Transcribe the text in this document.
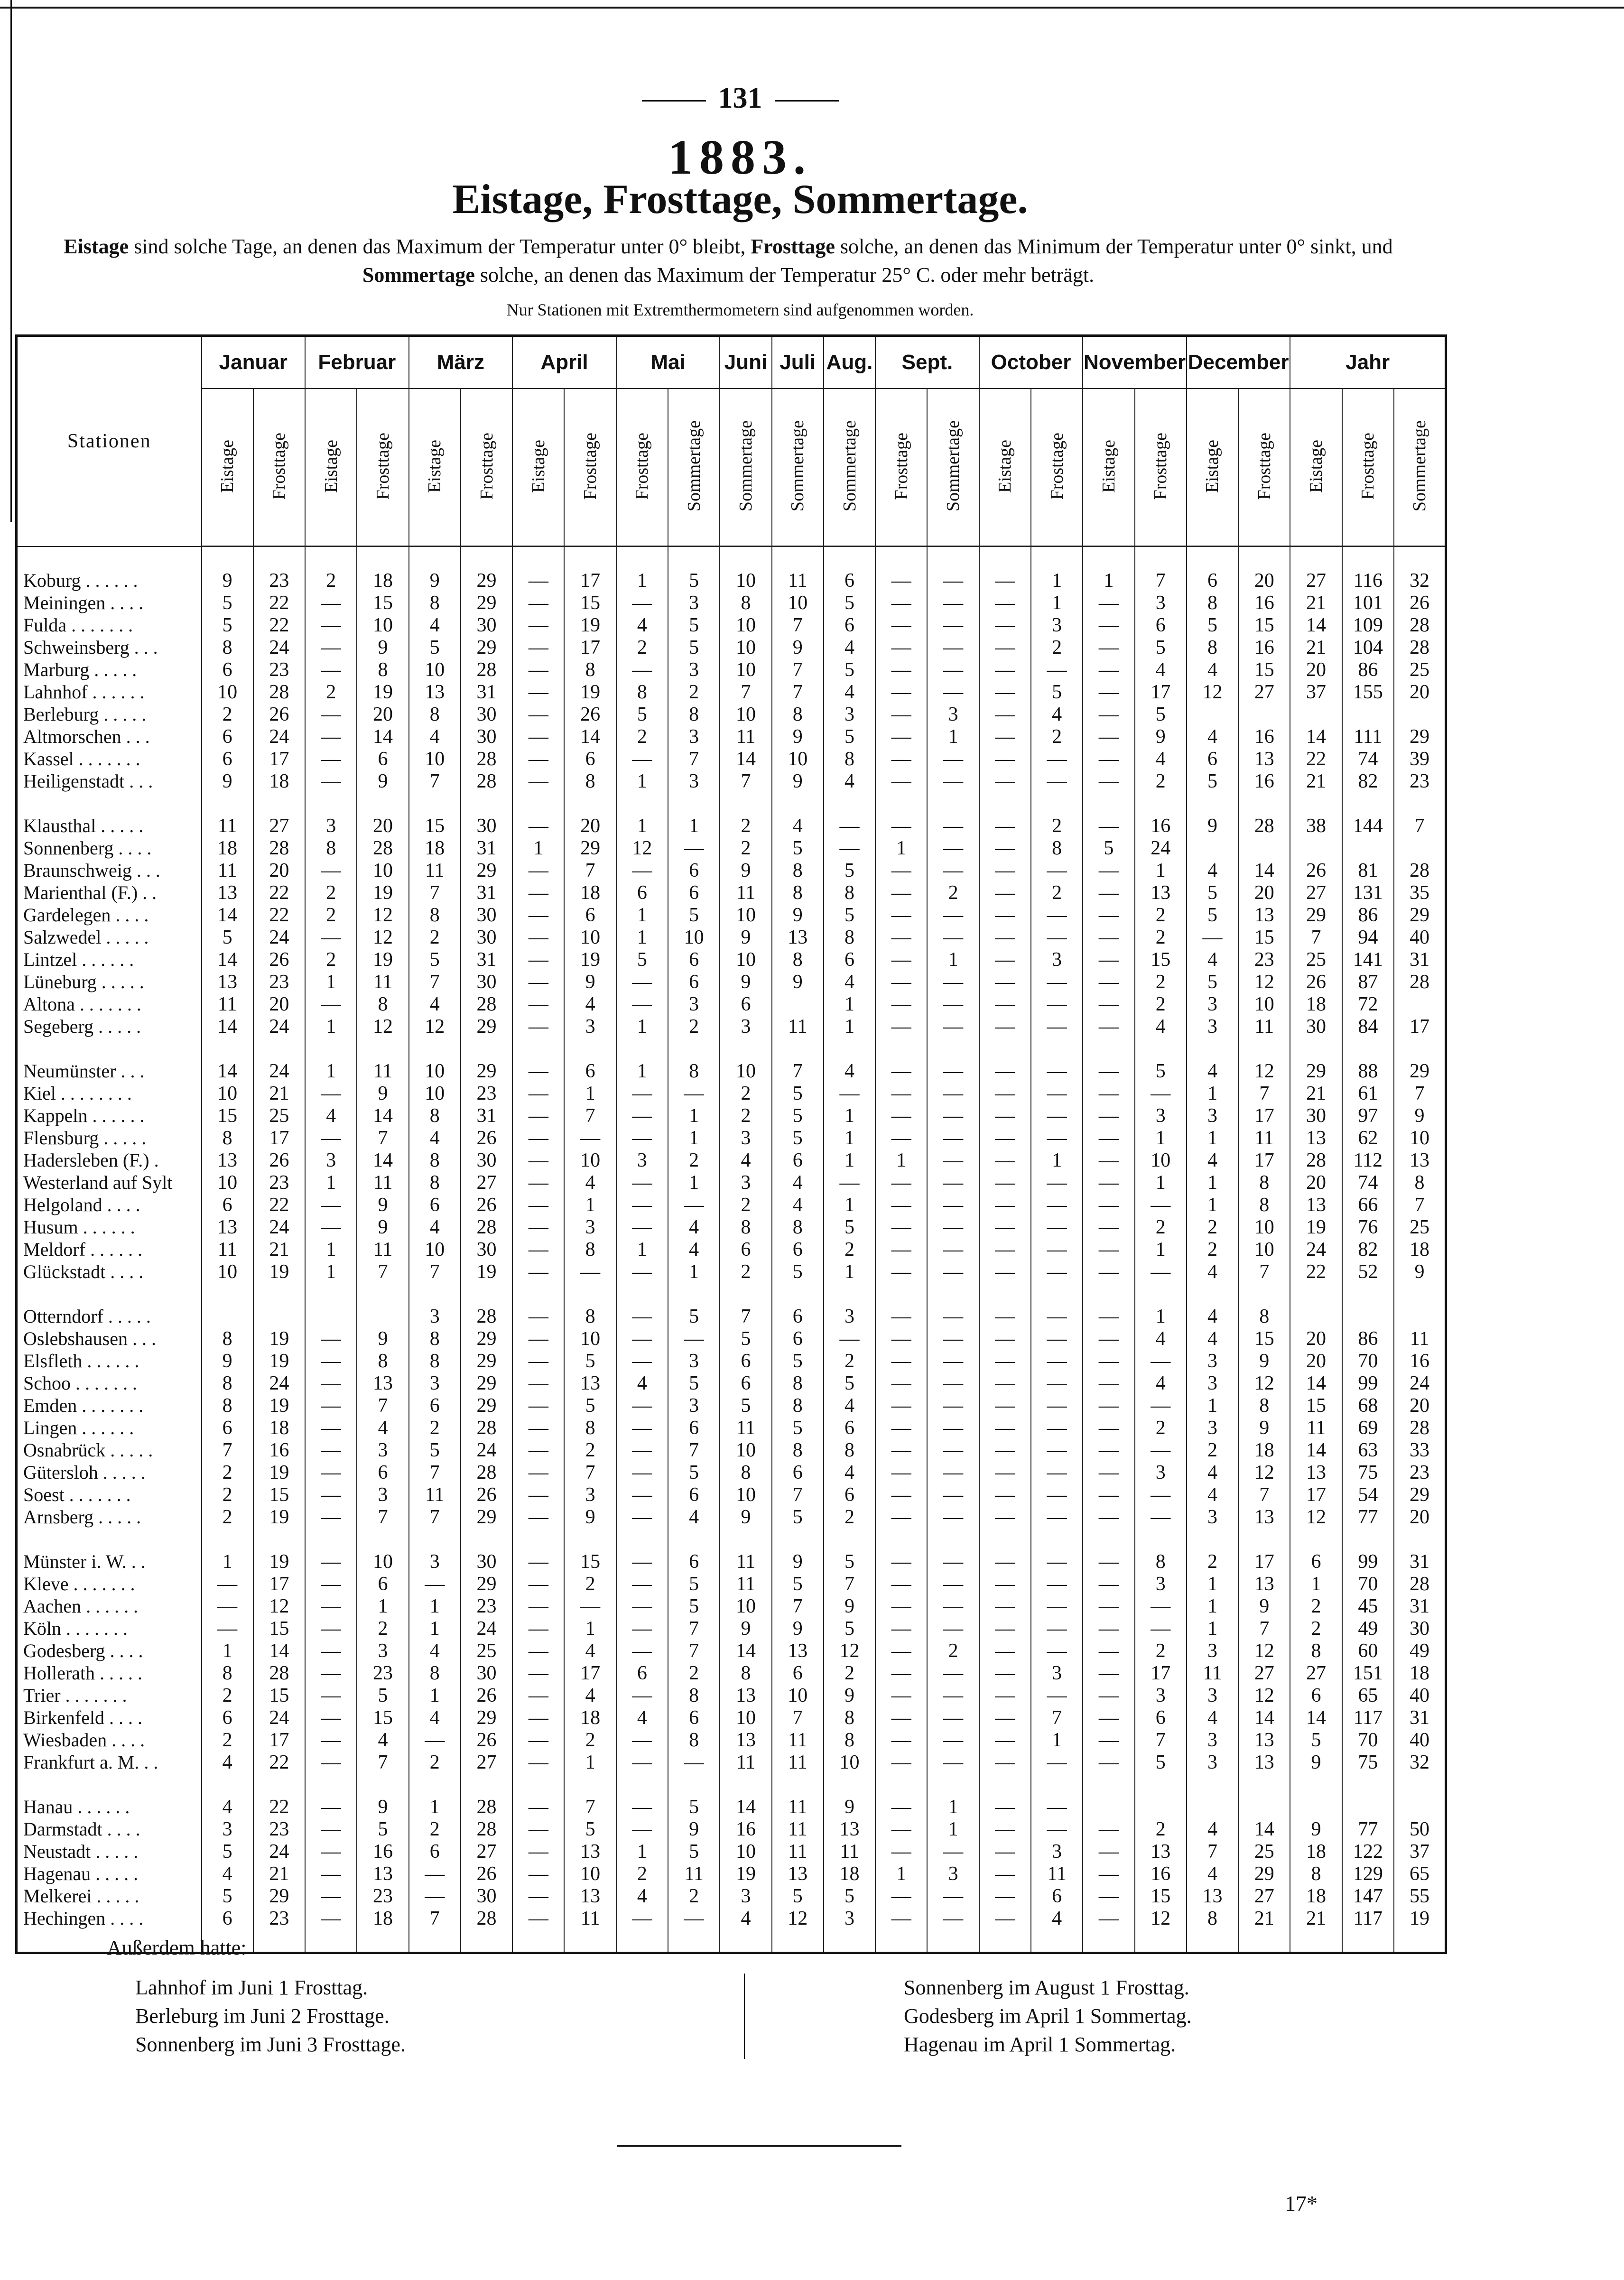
131
1883.
Eistage, Frosttage, Sommertage.
Eistage sind solche Tage, an denen das Maximum der Temperatur unter 0° bleibt, Frosttage solche, an denen das Minimum der Temperatur unter 0° sinkt, und Sommertage solche, an denen das Maximum der Temperatur 25° C. oder mehr beträgt.
Nur Stationen mit Extremthermometern sind aufgenommen worden.
Stationen	Januar		Februar		März		April		Mai		Juni	Juli	Aug.	Sept.		October		November		December		Jahr		
	Eistage	Frosttage	Eistage	Frosttage	Eistage	Frosttage	Eistage	Frosttage	Frosttage	Sommertage	Sommertage	Sommertage	Sommertage	Frosttage	Sommertage	Eistage	Frosttage	Eistage	Frosttage	Eistage	Frosttage	Eistage	Frosttage	Sommertage

Koburg . . . . . .	9	23	2	18	9	29	—	17	1	5	10	11	6	—	—	—	1	1	7	6	20	27	116	32
Meiningen . . . .	5	22	—	15	8	29	—	15	—	3	8	10	5	—	—	—	1	—	3	8	16	21	101	26
Fulda . . . . . . .	5	22	—	10	4	30	—	19	4	5	10	7	6	—	—	—	3	—	6	5	15	14	109	28
Schweinsberg . . .	8	24	—	9	5	29	—	17	2	5	10	9	4	—	—	—	2	—	5	8	16	21	104	28
Marburg . . . . .	6	23	—	8	10	28	—	8	—	3	10	7	5	—	—	—	—	—	4	4	15	20	86	25
Lahnhof . . . . . .	10	28	2	19	13	31	—	19	8	2	7	7	4	—	—	—	5	—	17	12	27	37	155	20
Berleburg . . . . .	2	26	—	20	8	30	—	26	5	8	10	8	3	—	3	—	4	—	5					
Altmorschen . . .	6	24	—	14	4	30	—	14	2	3	11	9	5	—	1	—	2	—	9	4	16	14	111	29
Kassel . . . . . . .	6	17	—	6	10	28	—	6	—	7	14	10	8	—	—	—	—	—	4	6	13	22	74	39
Heiligenstadt . . .	9	18	—	9	7	28	—	8	1	3	7	9	4	—	—	—	—	—	2	5	16	21	82	23

Klausthal . . . . .	11	27	3	20	15	30	—	20	1	1	2	4	—	—	—	—	2	—	16	9	28	38	144	7
Sonnenberg . . . .	18	28	8	28	18	31	1	29	12	—	2	5	—	1	—	—	8	5	24					
Braunschweig . . .	11	20	—	10	11	29	—	7	—	6	9	8	5	—	—	—	—	—	1	4	14	26	81	28
Marienthal (F.) . .	13	22	2	19	7	31	—	18	6	6	11	8	8	—	2	—	2	—	13	5	20	27	131	35
Gardelegen . . . .	14	22	2	12	8	30	—	6	1	5	10	9	5	—	—	—	—	—	2	5	13	29	86	29
Salzwedel . . . . .	5	24	—	12	2	30	—	10	1	10	9	13	8	—	—	—	—	—	2	—	15	7	94	40
Lintzel . . . . . .	14	26	2	19	5	31	—	19	5	6	10	8	6	—	1	—	3	—	15	4	23	25	141	31
Lüneburg . . . . .	13	23	1	11	7	30	—	9	—	6	9	9	4	—	—	—	—	—	2	5	12	26	87	28
Altona . . . . . . .	11	20	—	8	4	28	—	4	—	3	6		1	—	—	—	—	—	2	3	10	18	72	
Segeberg . . . . .	14	24	1	12	12	29	—	3	1	2	3	11	1	—	—	—	—	—	4	3	11	30	84	17

Neumünster . . .	14	24	1	11	10	29	—	6	1	8	10	7	4	—	—	—	—	—	5	4	12	29	88	29
Kiel . . . . . . . .	10	21	—	9	10	23	—	1	—	—	2	5	—	—	—	—	—	—	—	1	7	21	61	7
Kappeln . . . . . .	15	25	4	14	8	31	—	7	—	1	2	5	1	—	—	—	—	—	3	3	17	30	97	9
Flensburg . . . . .	8	17	—	7	4	26	—	—	—	1	3	5	1	—	—	—	—	—	1	1	11	13	62	10
Hadersleben (F.) .	13	26	3	14	8	30	—	10	3	2	4	6	1	1	—	—	1	—	10	4	17	28	112	13
Westerland auf Sylt	10	23	1	11	8	27	—	4	—	1	3	4	—	—	—	—	—	—	1	1	8	20	74	8
Helgoland . . . .	6	22	—	9	6	26	—	1	—	—	2	4	1	—	—	—	—	—	—	1	8	13	66	7
Husum . . . . . .	13	24	—	9	4	28	—	3	—	4	8	8	5	—	—	—	—	—	2	2	10	19	76	25
Meldorf . . . . . .	11	21	1	11	10	30	—	8	1	4	6	6	2	—	—	—	—	—	1	2	10	24	82	18
Glückstadt . . . .	10	19	1	7	7	19	—	—	—	1	2	5	1	—	—	—	—	—	—	4	7	22	52	9

Otterndorf . . . . .					3	28	—	8	—	5	7	6	3	—	—	—	—	—	1	4	8			
Oslebshausen . . .	8	19	—	9	8	29	—	10	—	—	5	6	—	—	—	—	—	—	4	4	15	20	86	11
Elsfleth . . . . . .	9	19	—	8	8	29	—	5	—	3	6	5	2	—	—	—	—	—	—	3	9	20	70	16
Schoo . . . . . . .	8	24	—	13	3	29	—	13	4	5	6	8	5	—	—	—	—	—	4	3	12	14	99	24
Emden . . . . . . .	8	19	—	7	6	29	—	5	—	3	5	8	4	—	—	—	—	—	—	1	8	15	68	20
Lingen . . . . . .	6	18	—	4	2	28	—	8	—	6	11	5	6	—	—	—	—	—	2	3	9	11	69	28
Osnabrück . . . . .	7	16	—	3	5	24	—	2	—	7	10	8	8	—	—	—	—	—	—	2	18	14	63	33
Gütersloh . . . . .	2	19	—	6	7	28	—	7	—	5	8	6	4	—	—	—	—	—	3	4	12	13	75	23
Soest . . . . . . .	2	15	—	3	11	26	—	3	—	6	10	7	6	—	—	—	—	—	—	4	7	17	54	29
Arnsberg . . . . .	2	19	—	7	7	29	—	9	—	4	9	5	2	—	—	—	—	—	—	3	13	12	77	20

Münster i. W. . .	1	19	—	10	3	30	—	15	—	6	11	9	5	—	—	—	—	—	8	2	17	6	99	31
Kleve . . . . . . .	—	17	—	6	—	29	—	2	—	5	11	5	7	—	—	—	—	—	3	1	13	1	70	28
Aachen . . . . . .	—	12	—	1	1	23	—	—	—	5	10	7	9	—	—	—	—	—	—	1	9	2	45	31
Köln . . . . . . .	—	15	—	2	1	24	—	1	—	7	9	9	5	—	—	—	—	—	—	1	7	2	49	30
Godesberg . . . .	1	14	—	3	4	25	—	4	—	7	14	13	12	—	2	—	—	—	2	3	12	8	60	49
Hollerath . . . . .	8	28	—	23	8	30	—	17	6	2	8	6	2	—	—	—	3	—	17	11	27	27	151	18
Trier . . . . . . .	2	15	—	5	1	26	—	4	—	8	13	10	9	—	—	—	—	—	3	3	12	6	65	40
Birkenfeld . . . .	6	24	—	15	4	29	—	18	4	6	10	7	8	—	—	—	7	—	6	4	14	14	117	31
Wiesbaden . . . .	2	17	—	4	—	26	—	2	—	8	13	11	8	—	—	—	1	—	7	3	13	5	70	40
Frankfurt a. M. . .	4	22	—	7	2	27	—	1	—	—	11	11	10	—	—	—	—	—	5	3	13	9	75	32

Hanau . . . . . .	4	22	—	9	1	28	—	7	—	5	14	11	9	—	1	—	—							
Darmstadt . . . .	3	23	—	5	2	28	—	5	—	9	16	11	13	—	1	—	—	—	2	4	14	9	77	50
Neustadt . . . . .	5	24	—	16	6	27	—	13	1	5	10	11	11	—	—	—	3	—	13	7	25	18	122	37
Hagenau . . . . .	4	21	—	13	—	26	—	10	2	11	19	13	18	1	3	—	11	—	16	4	29	8	129	65
Melkerei . . . . .	5	29	—	23	—	30	—	13	4	2	3	5	5	—	—	—	6	—	15	13	27	18	147	55
Hechingen . . . .	6	23	—	18	7	28	—	11	—	—	4	12	3	—	—	—	4	—	12	8	21	21	117	19

Außerdem hatte:
Lahnhof im Juni 1 Frosttag.
Berleburg im Juni 2 Frosttage.
Sonnenberg im Juni 3 Frosttage.
Sonnenberg im August 1 Frosttag.
Godesberg im April 1 Sommertag.
Hagenau im April 1 Sommertag.
17*
